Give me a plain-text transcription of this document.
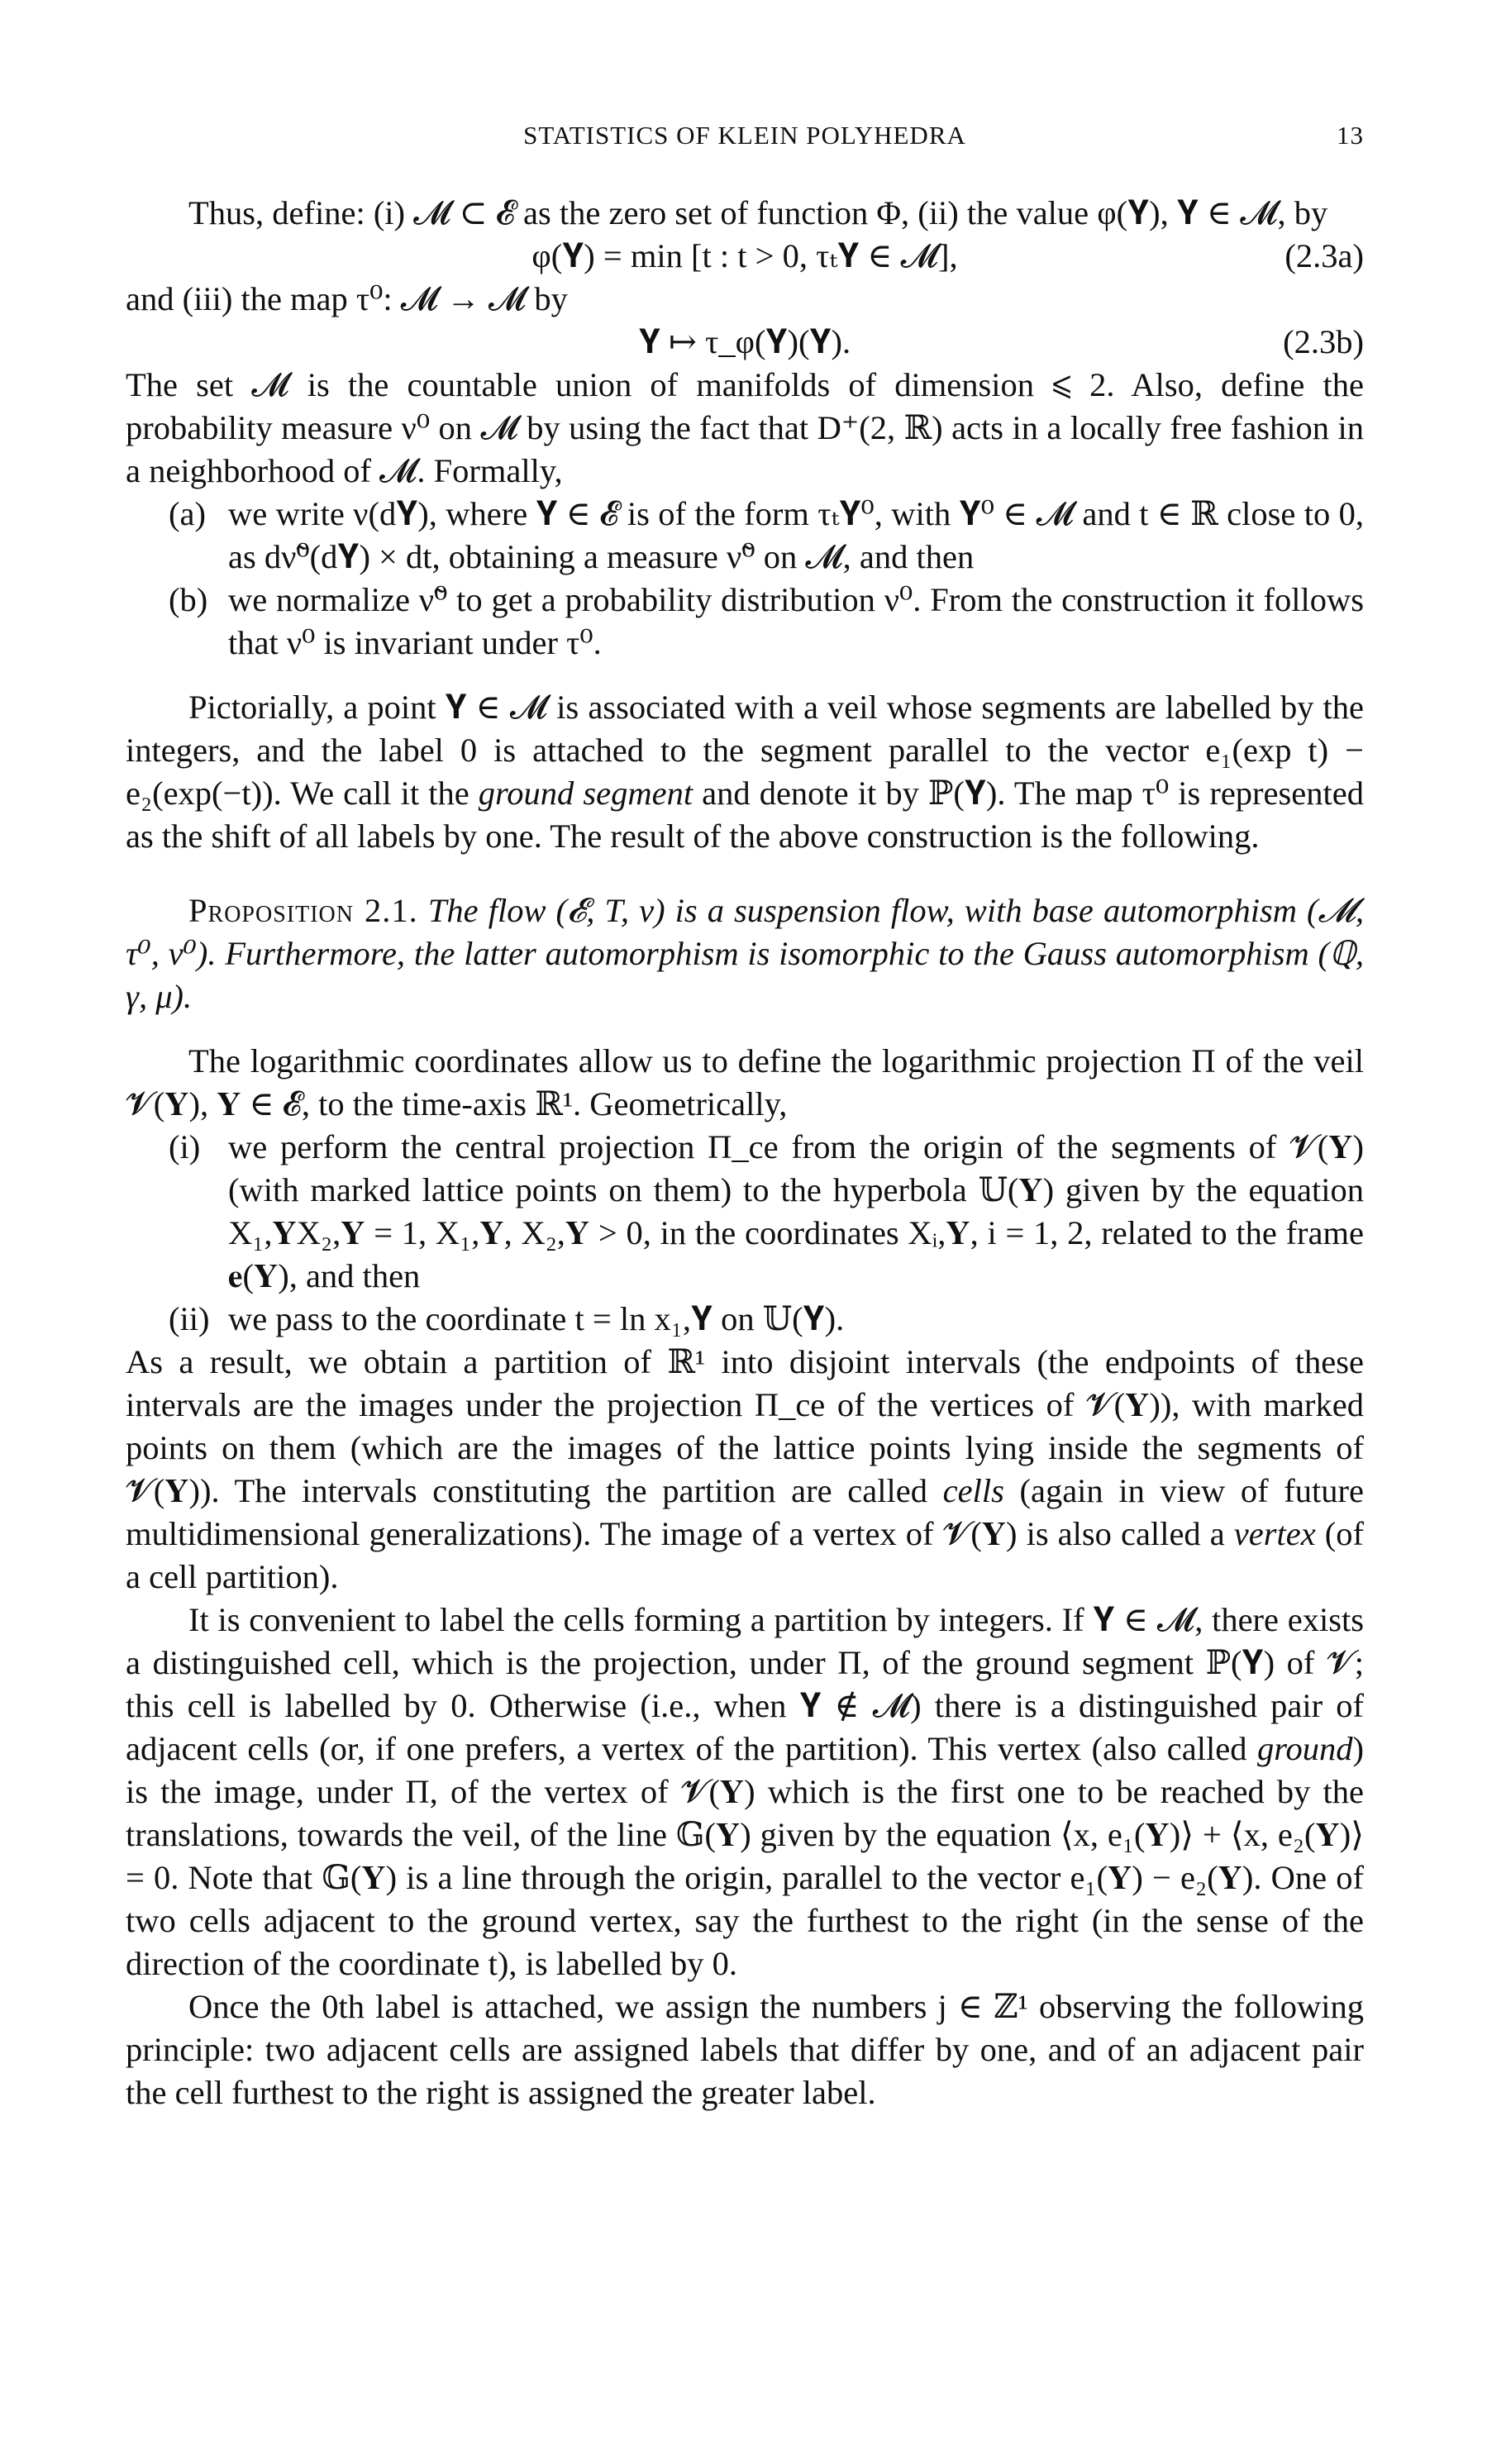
STATISTICS OF KLEIN POLYHEDRA	13

Thus, define: (i) 𝓜 ⊂ 𝓔 as the zero set of function Φ, (ii) the value φ(𝐘), 𝐘 ∈ 𝓜, by

φ(𝐘) = min [t : t > 0, τₜ𝐘 ∈ 𝓜],	(2.3a)

and (iii) the map τ⁰: 𝓜 → 𝓜 by

𝐘 ↦ τ_φ(𝐘)(𝐘).	(2.3b)

The set 𝓜 is the countable union of manifolds of dimension ⩽ 2. Also, define the probability measure ν⁰ on 𝓜 by using the fact that D⁺(2, ℝ) acts in a locally free fashion in a neighborhood of 𝓜. Formally,

(a) we write ν(d𝐘), where 𝐘 ∈ 𝓔 is of the form τₜ𝐘⁰, with 𝐘⁰ ∈ 𝓜 and t ∈ ℝ close to 0, as dν̃⁰(d𝐘) × dt, obtaining a measure ν̃⁰ on 𝓜, and then
(b) we normalize ν̃⁰ to get a probability distribution ν⁰. From the construction it follows that ν⁰ is invariant under τ⁰.

Pictorially, a point 𝐘 ∈ 𝓜 is associated with a veil whose segments are labelled by the integers, and the label 0 is attached to the segment parallel to the vector e₁(exp t) − e₂(exp(−t)). We call it the ground segment and denote it by ℙ(𝐘). The map τ⁰ is represented as the shift of all labels by one. The result of the above construction is the following.

Proposition 2.1. The flow (𝓔, T, ν) is a suspension flow, with base automorphism (𝓜, τ⁰, ν⁰). Furthermore, the latter automorphism is isomorphic to the Gauss automorphism (ℚ, γ, μ).

The logarithmic coordinates allow us to define the logarithmic projection Π of the veil 𝓥(𝐘), 𝐘 ∈ 𝓔, to the time-axis ℝ¹. Geometrically,

(i) we perform the central projection Π_ce from the origin of the segments of 𝓥(𝐘) (with marked lattice points on them) to the hyperbola 𝕌(𝐘) given by the equation X₁,𝐘X₂,𝐘 = 1, X₁,𝐘, X₂,𝐘 > 0, in the coordinates Xᵢ,𝐘, i = 1, 2, related to the frame 𝐞(𝐘), and then
(ii) we pass to the coordinate t = ln x₁,𝐘 on 𝕌(𝐘).

As a result, we obtain a partition of ℝ¹ into disjoint intervals (the endpoints of these intervals are the images under the projection Π_ce of the vertices of 𝓥(𝐘)), with marked points on them (which are the images of the lattice points lying inside the segments of 𝓥(𝐘)). The intervals constituting the partition are called cells (again in view of future multidimensional generalizations). The image of a vertex of 𝓥(𝐘) is also called a vertex (of a cell partition).

It is convenient to label the cells forming a partition by integers. If 𝐘 ∈ 𝓜, there exists a distinguished cell, which is the projection, under Π, of the ground segment ℙ(𝐘) of 𝓥; this cell is labelled by 0. Otherwise (i.e., when 𝐘 ∉ 𝓜) there is a distinguished pair of adjacent cells (or, if one prefers, a vertex of the partition). This vertex (also called ground) is the image, under Π, of the vertex of 𝓥(𝐘) which is the first one to be reached by the translations, towards the veil, of the line 𝔾(𝐘) given by the equation ⟨x, e₁(𝐘)⟩ + ⟨x, e₂(𝐘)⟩ = 0. Note that 𝔾(𝐘) is a line through the origin, parallel to the vector e₁(𝐘) − e₂(𝐘). One of two cells adjacent to the ground vertex, say the furthest to the right (in the sense of the direction of the coordinate t), is labelled by 0.

Once the 0th label is attached, we assign the numbers j ∈ ℤ¹ observing the following principle: two adjacent cells are assigned labels that differ by one, and of an adjacent pair the cell furthest to the right is assigned the greater label.
